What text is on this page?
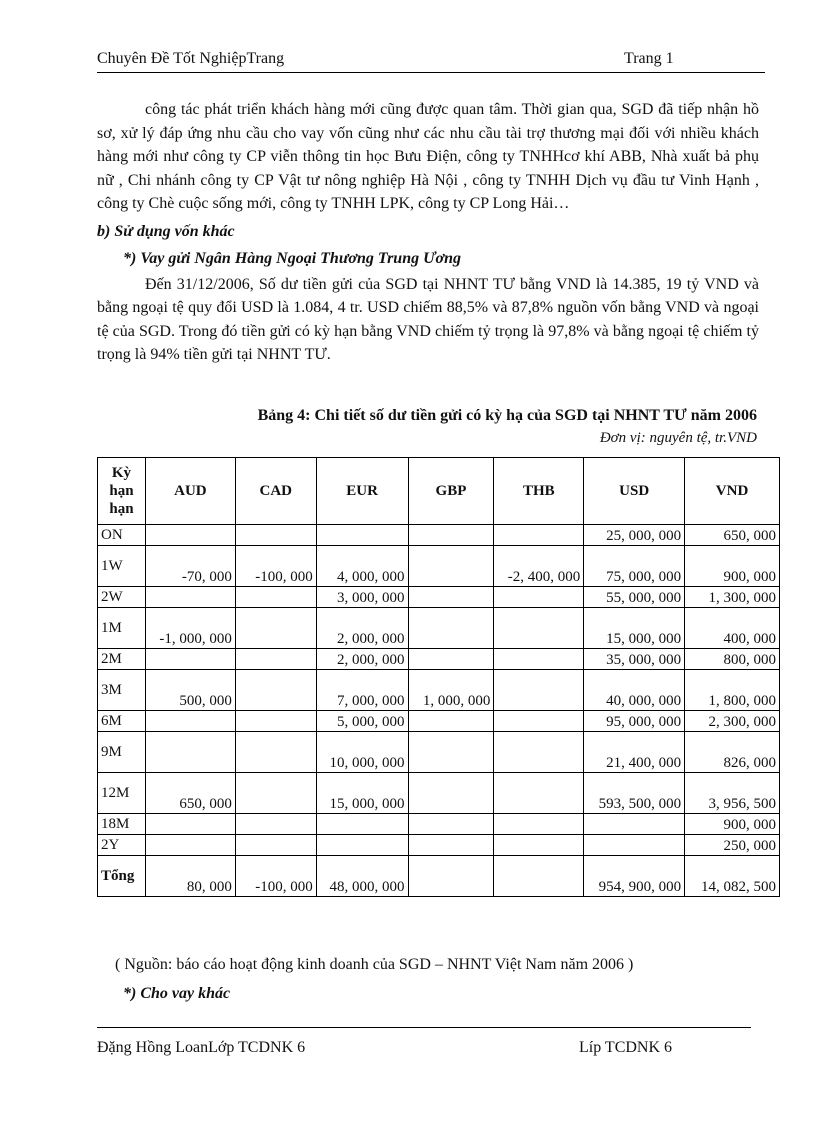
Chuyên Đề Tốt NghiệpTrang	Trang 1

công tác phát triển khách hàng mới cũng được quan tâm. Thời gian qua, SGD đã tiếp nhận hồ sơ, xử lý đáp ứng nhu cầu cho vay vốn cũng như các nhu cầu tài trợ thương mại đối với nhiều khách hàng mới như công ty CP viễn thông tin học Bưu Điện, công ty TNHHcơ khí ABB, Nhà xuất bả phụ nữ , Chi nhánh công ty CP Vật tư nông nghiệp Hà Nội , công ty TNHH Dịch vụ đầu tư Vinh Hạnh , công ty Chè cuộc sống mới, công ty TNHH LPK, công ty CP Long Hải…

b) Sử dụng vốn khác
*) Vay gửi Ngân Hàng Ngoại Thương Trung Ương

Đến 31/12/2006, Số dư tiền gửi của SGD tại NHNT TƯ bằng VND là 14.385, 19 tỷ VND và bằng ngoại tệ quy đổi USD là 1.084, 4 tr. USD chiếm 88,5% và 87,8% nguồn vốn bằng VND và ngoại tệ của SGD. Trong đó tiền gửi có kỳ hạn bằng VND chiếm tỷ trọng là 97,8% và bằng ngoại tệ chiếm tỷ trọng là 94% tiền gửi tại NHNT TƯ.

Bảng 4: Chi tiết số dư tiền gửi có kỳ hạ của SGD tại NHNT TƯ năm 2006
Đơn vị: nguyên tệ, tr.VND
Kỳ hạn hạn	AUD	CAD	EUR	GBP	THB	USD	VND
ON						25, 000, 000	650, 000
1W	-70, 000	-100, 000	4, 000, 000		-2, 400, 000	75, 000, 000	900, 000
2W			3, 000, 000			55, 000, 000	1, 300, 000
1M	-1, 000, 000		2, 000, 000			15, 000, 000	400, 000
2M			2, 000, 000			35, 000, 000	800, 000
3M	500, 000		7, 000, 000	1, 000, 000		40, 000, 000	1, 800, 000
6M			5, 000, 000			95, 000, 000	2, 300, 000
9M			10, 000, 000			21, 400, 000	826, 000
12M	650, 000		15, 000, 000			593, 500, 000	3, 956, 500
18M							900, 000
2Y							250, 000
Tổng	80, 000	-100, 000	48, 000, 000			954, 900, 000	14, 082, 500
( Nguồn: báo cáo hoạt động kinh doanh của SGD – NHNT Việt Nam năm 2006 )
*) Cho vay khác
Đặng Hồng LoanLớp TCDNK 6	Líp TCDNK 6
